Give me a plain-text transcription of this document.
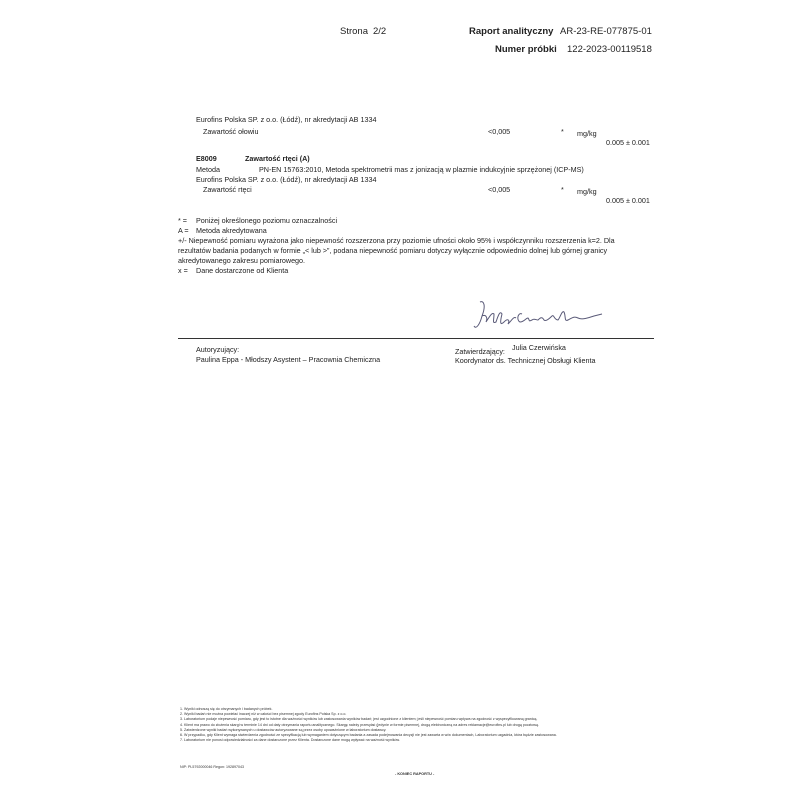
Strona 2/2	Raport analityczny AR-23-RE-077875-01
Numer próbki 122-2023-00119518
Eurofins Polska SP. z o.o. (Łódź), nr akredytacji AB 1334
Zawartość ołowiu	<0,005	* mg/kg
0.005 ± 0.001
E8009	Zawartość rtęci (A)
Metoda	PN-EN 15763:2010, Metoda spektrometrii mas z jonizacją w plazmie indukcyjnie sprzężonej (ICP-MS)
Eurofins Polska SP. z o.o. (Łódź), nr akredytacji AB 1334
Zawartość rtęci	<0,005	* mg/kg
0.005 ± 0.001
* = Poniżej określonego poziomu oznaczalności
A = Metoda akredytowana
+/- Niepewność pomiaru wyrażona jako niepewność rozszerzona przy poziomie ufności około 95% i współczynniku rozszerzenia k=2. Dla
rezultatów badania podanych w formie „< lub >”, podana niepewność pomiaru dotyczy wyłącznie odpowiednio dolnej lub górnej granicy
akredytowanego zakresu pomiarowego.
x = Dane dostarczone od Klienta
Autoryzujący:
Paulina Eppa - Młodszy Asystent – Pracownia Chemiczna
Zatwierdzający: Julia Czerwińska
Koordynator ds. Technicznej Obsługi Klienta
1. Wyniki odnoszą się do otrzymanych i badanych próbek.
2. Wyniki badań nie można powielać inaczej niż w całości bez pisemnej zgody Eurofins Polska Sp. z o.o.
3. Laboratorium podaje niepewność pomiaru, gdy jest to istotne dla ważności wyników lub zastosowania wyników badań; jest uzgodnione z klientem; jeśli niepewność pomiaru wpływa na zgodność z wyspecyfikowaną granicą.
4. Klient ma prawo do złożenia skargi w terminie 14 dni od daty otrzymania raportu analitycznego. Skargę należy przesyłać (jedynie w formie pisemnej, drogą elektroniczną na adres reklamacje@eurofins.pl lub drogą pocztową.
5. Zatwierdzone wyniki badań wykonywanych u dostawców autoryzowane są przez osoby upoważnione w laboratorium dostawcy.
6. W przypadku, gdy Klient wymaga stwierdzenia zgodności ze specyfikacją lub wymaganiem dotyczącym badania a zasada podejmowania decyzji nie jest zawarta w w/w dokumentach, Laboratorium uzgadnia, która będzie zastosowana.
7. Laboratorium nie ponosi odpowiedzialności za dane dostarczone przez Klienta. Dostarczone dane mogą wpływać na ważność wyników.
NIP: PL5792000046 Regon: 192897043
- KONIEC RAPORTU -
